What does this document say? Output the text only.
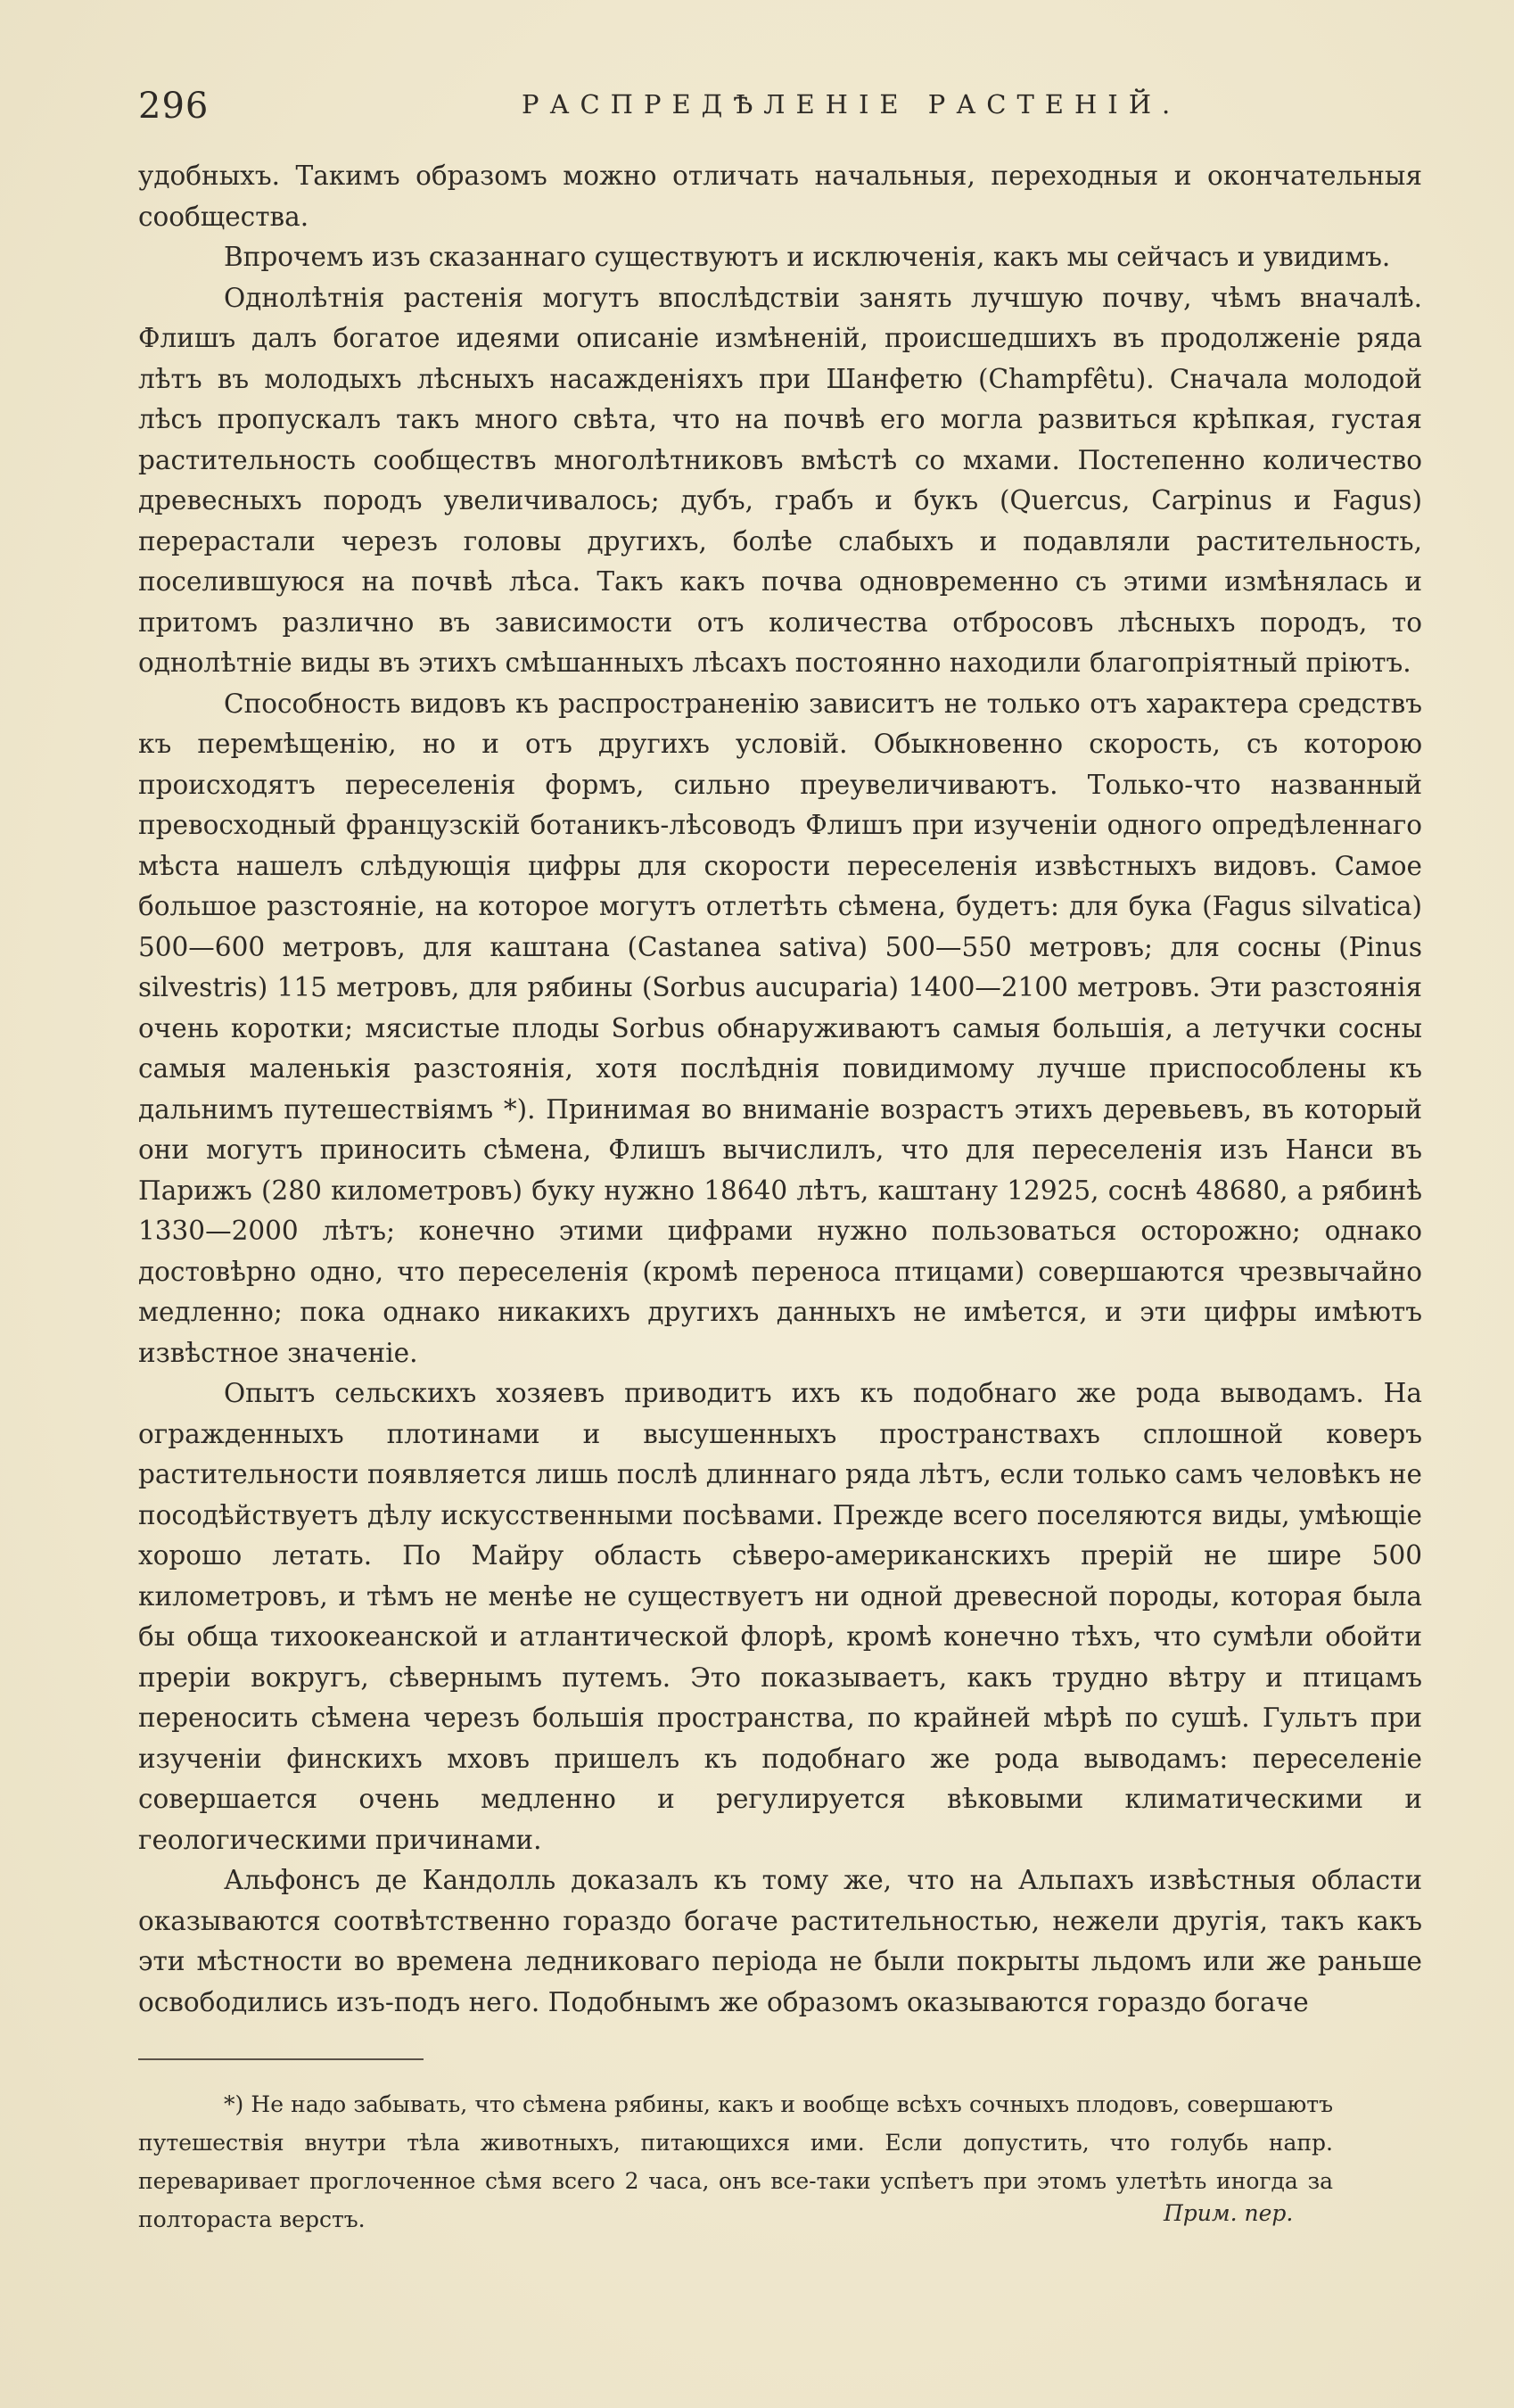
296	РАСПРЕДѢЛЕНІЕ РАСТЕНІЙ.

удобныхъ. Такимъ образомъ можно отличать начальныя, переходныя и окончательныя сообщества.

Впрочемъ изъ сказаннаго существуютъ и исключенія, какъ мы сейчасъ и увидимъ.

Однолѣтнія растенія могутъ впослѣдствіи занять лучшую почву, чѣмъ вначалѣ. Флишъ далъ богатое идеями описаніе измѣненій, происшедшихъ въ продолженіе ряда лѣтъ въ молодыхъ лѣсныхъ насажденіяхъ при Шанфетю (Champfêtu). Сначала молодой лѣсъ пропускалъ такъ много свѣта, что на почвѣ его могла развиться крѣпкая, густая растительность сообществъ многолѣтниковъ вмѣстѣ со мхами. Постепенно количество древесныхъ породъ увеличивалось; дубъ, грабъ и букъ (Quercus, Carpinus и Fagus) перерастали черезъ головы другихъ, болѣе слабыхъ и подавляли растительность, поселившуюся на почвѣ лѣса. Такъ какъ почва одновременно съ этими измѣнялась и притомъ различно въ зависимости отъ количества отбросовъ лѣсныхъ породъ, то однолѣтніе виды въ этихъ смѣшанныхъ лѣсахъ постоянно находили благопріятный пріютъ.

Способность видовъ къ распространенію зависитъ не только отъ характера средствъ къ перемѣщенію, но и отъ другихъ условій. Обыкновенно скорость, съ которою происходятъ переселенія формъ, сильно преувеличиваютъ. Только-что названный превосходный французскій ботаникъ-лѣсоводъ Флишъ при изученіи одного опредѣленнаго мѣста нашелъ слѣдующія цифры для скорости переселенія извѣстныхъ видовъ. Самое большое разстояніе, на которое могутъ отлетѣть сѣмена, будетъ: для бука (Fagus silvatica) 500—600 метровъ, для каштана (Castanea sativa) 500—550 метровъ; для сосны (Pinus silvestris) 115 метровъ, для рябины (Sorbus aucuparia) 1400—2100 метровъ. Эти разстоянія очень коротки; мясистые плоды Sorbus обнаруживаютъ самыя большія, а летучки сосны самыя маленькія разстоянія, хотя послѣднія повидимому лучше приспособлены къ дальнимъ путешествіямъ *). Принимая во вниманіе возрастъ этихъ деревьевъ, въ который они могутъ приносить сѣмена, Флишъ вычислилъ, что для переселенія изъ Нанси въ Парижъ (280 километровъ) буку нужно 18640 лѣтъ, каштану 12925, соснѣ 48680, а рябинѣ 1330—2000 лѣтъ; конечно этими цифрами нужно пользоваться осторожно; однако достовѣрно одно, что переселенія (кромѣ переноса птицами) совершаются чрезвычайно медленно; пока однако никакихъ другихъ данныхъ не имѣется, и эти цифры имѣютъ извѣстное значеніе.

Опытъ сельскихъ хозяевъ приводитъ ихъ къ подобнаго же рода выводамъ. На огражденныхъ плотинами и высушенныхъ пространствахъ сплошной коверъ растительности появляется лишь послѣ длиннаго ряда лѣтъ, если только самъ человѣкъ не посодѣйствуетъ дѣлу искусственными посѣвами. Прежде всего поселяются виды, умѣющіе хорошо летать. По Майру область сѣверо-американскихъ прерій не шире 500 километровъ, и тѣмъ не менѣе не существуетъ ни одной древесной породы, которая была бы обща тихоокеанской и атлантической флорѣ, кромѣ конечно тѣхъ, что сумѣли обойти преріи вокругъ, сѣвернымъ путемъ. Это показываетъ, какъ трудно вѣтру и птицамъ переносить сѣмена черезъ большія пространства, по крайней мѣрѣ по сушѣ. Гультъ при изученіи финскихъ мховъ пришелъ къ подобнаго же рода выводамъ: переселеніе совершается очень медленно и регулируется вѣковыми климатическими и геологическими причинами.

Альфонсъ де Кандолль доказалъ къ тому же, что на Альпахъ извѣстныя области оказываются соотвѣтственно гораздо богаче растительностью, нежели другія, такъ какъ эти мѣстности во времена ледниковаго періода не были покрыты льдомъ или же раньше освободились изъ-подъ него. Подобнымъ же образомъ оказываются гораздо богаче

*) Не надо забывать, что сѣмена рябины, какъ и вообще всѣхъ сочныхъ плодовъ, совершаютъ путешествія внутри тѣла животныхъ, питающихся ими. Если допустить, что голубь напр. переваривает проглоченное сѣмя всего 2 часа, онъ все-таки успѣетъ при этомъ улетѣть иногда за полтораста верстъ.	Прим. пер.
